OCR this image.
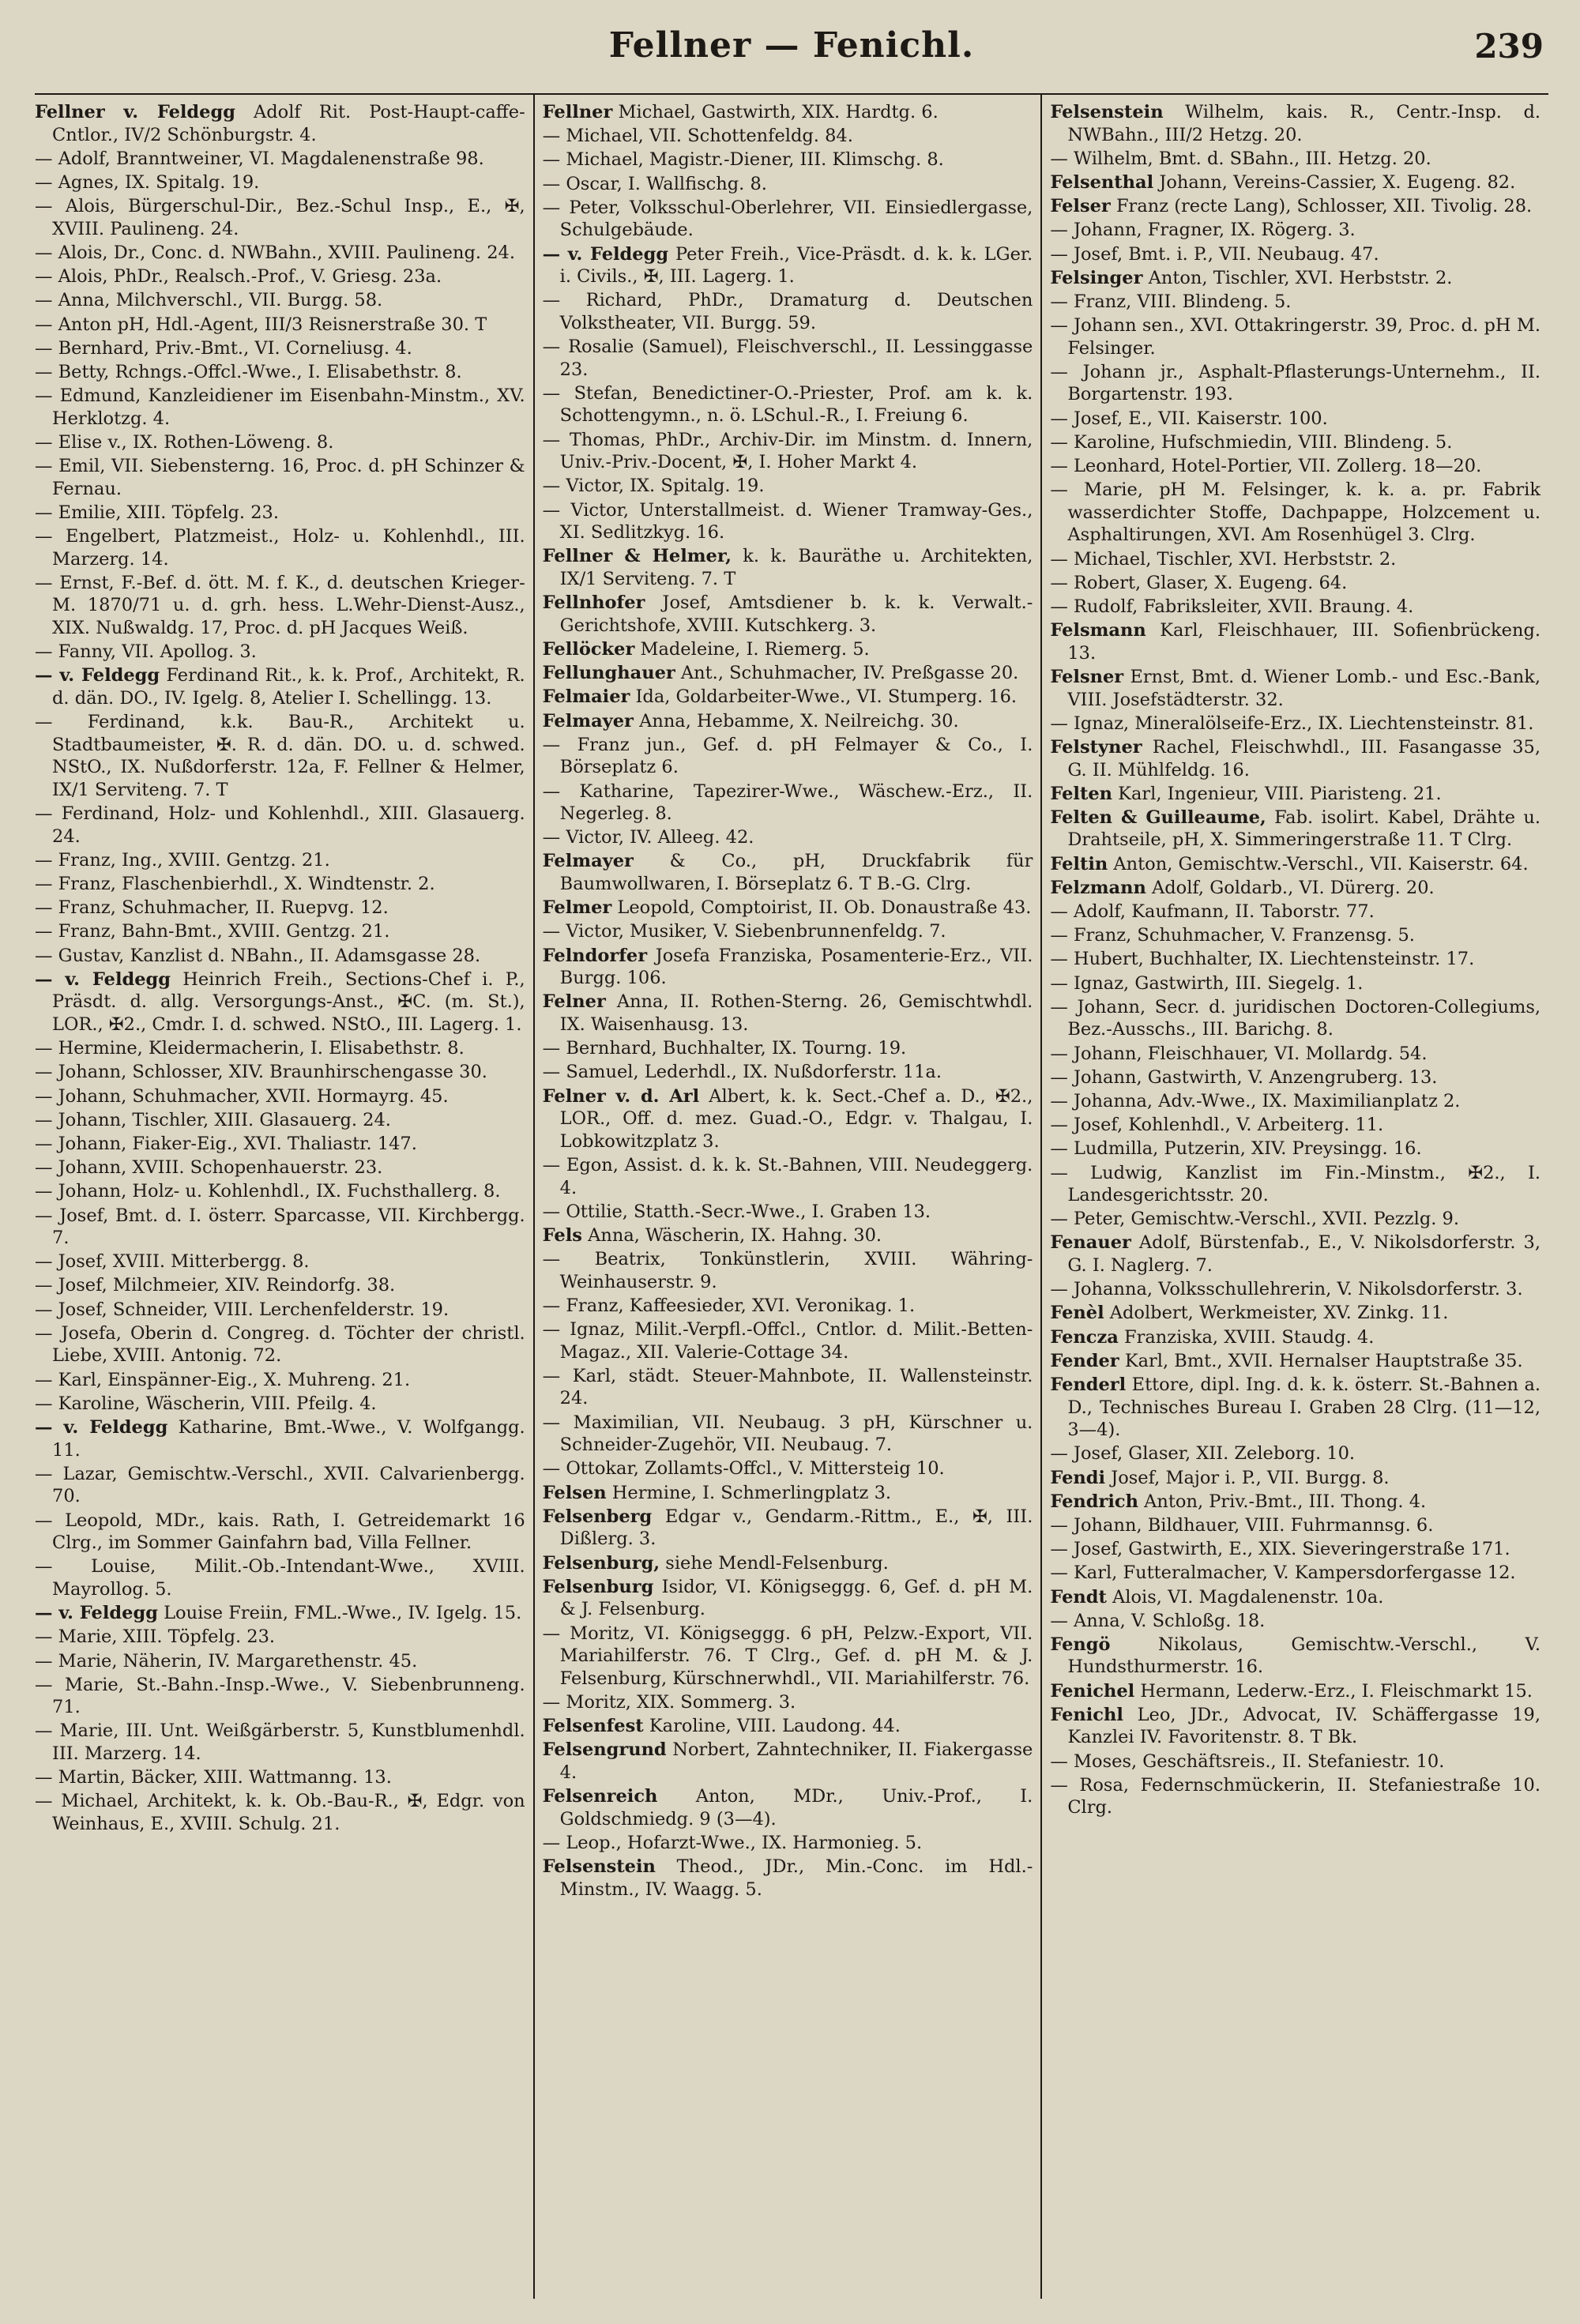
Fellner — Fenichl.	239
Fellner v. Feldegg Adolf Rit. Post-Haupt-caffe-Cntlor., IV/2 Schönburgstr. 4.
— Adolf, Branntweiner, VI. Magdalenenstraße 98.
— Agnes, IX. Spitalg. 19.
— Alois, Bürgerschul-Dir., Bez.-Schul Insp., E., ✠, XVIII. Paulineng. 24.
— Alois, Dr., Conc. d. NWBahn., XVIII. Paulineng. 24.
— Alois, PhDr., Realsch.-Prof., V. Griesg. 23a.
— Anna, Milchverschl., VII. Burgg. 58.
— Anton pH, Hdl.-Agent, III/3 Reisnerstraße 30. T
— Bernhard, Priv.-Bmt., VI. Corneliusg. 4.
— Betty, Rchngs.-Offcl.-Wwe., I. Elisabethstr. 8.
— Edmund, Kanzleidiener im Eisenbahn-Minstm., XV. Herklotzg. 4.
— Elise v., IX. Rothen-Löweng. 8.
— Emil, VII. Siebensterng. 16, Proc. d. pH Schinzer & Fernau.
— Emilie, XIII. Töpfelg. 23.
— Engelbert, Platzmeist., Holz- u. Kohlenhdl., III. Marzerg. 14.
— Ernst, F.-Bef. d. ött. M. f. K., d. deutschen Krieger-M. 1870/71 u. d. grh. hess. L.Wehr-Dienst-Ausz., XIX. Nußwaldg. 17, Proc. d. pH Jacques Weiß.
— Fanny, VII. Apollog. 3.
— v. Feldegg Ferdinand Rit., k. k. Prof., Architekt, R. d. dän. DO., IV. Igelg. 8, Atelier I. Schellingg. 13.
— Ferdinand, k.k. Bau-R., Architekt u. Stadtbaumeister, ✠. R. d. dän. DO. u. d. schwed. NStO., IX. Nußdorferstr. 12a, F. Fellner & Helmer, IX/1 Serviteng. 7. T
— Ferdinand, Holz- und Kohlenhdl., XIII. Glasauerg. 24.
— Franz, Ing., XVIII. Gentzg. 21.
— Franz, Flaschenbierhdl., X. Windtenstr. 2.
— Franz, Schuhmacher, II. Ruepvg. 12.
— Franz, Bahn-Bmt., XVIII. Gentzg. 21.
— Gustav, Kanzlist d. NBahn., II. Adamsgasse 28.
— v. Feldegg Heinrich Freih., Sections-Chef i. P., Präsdt. d. allg. Versorgungs-Anst., ✠C. (m. St.), LOR., ✠2., Cmdr. I. d. schwed. NStO., III. Lagerg. 1.
— Hermine, Kleidermacherin, I. Elisabethstr. 8.
— Johann, Schlosser, XIV. Braunhirschengasse 30.
— Johann, Schuhmacher, XVII. Hormayrg. 45.
— Johann, Tischler, XIII. Glasauerg. 24.
— Johann, Fiaker-Eig., XVI. Thaliastr. 147.
— Johann, XVIII. Schopenhauerstr. 23.
— Johann, Holz- u. Kohlenhdl., IX. Fuchsthallerg. 8.
— Josef, Bmt. d. I. österr. Sparcasse, VII. Kirchbergg. 7.
— Josef, XVIII. Mitterbergg. 8.
— Josef, Milchmeier, XIV. Reindorfg. 38.
— Josef, Schneider, VIII. Lerchenfelderstr. 19.
— Josefa, Oberin d. Congreg. d. Töchter der christl. Liebe, XVIII. Antonig. 72.
— Karl, Einspänner-Eig., X. Muhreng. 21.
— Karoline, Wäscherin, VIII. Pfeilg. 4.
— v. Feldegg Katharine, Bmt.-Wwe., V. Wolfgangg. 11.
— Lazar, Gemischtw.-Verschl., XVII. Calvarienbergg. 70.
— Leopold, MDr., kais. Rath, I. Getreidemarkt 16 Clrg., im Sommer Gainfahrn bad, Villa Fellner.
— Louise, Milit.-Ob.-Intendant-Wwe., XVIII. Mayrollog. 5.
— v. Feldegg Louise Freiin, FML.-Wwe., IV. Igelg. 15.
— Marie, XIII. Töpfelg. 23.
— Marie, Näherin, IV. Margarethenstr. 45.
— Marie, St.-Bahn.-Insp.-Wwe., V. Siebenbrunneng. 71.
— Marie, III. Unt. Weißgärberstr. 5, Kunstblumenhdl. III. Marzerg. 14.
— Martin, Bäcker, XIII. Wattmanng. 13.
— Michael, Architekt, k. k. Ob.-Bau-R., ✠, Edgr. von Weinhaus, E., XVIII. Schulg. 21.
Fellner Michael, Gastwirth, XIX. Hardtg. 6.
— Michael, VII. Schottenfeldg. 84.
— Michael, Magistr.-Diener, III. Klimschg. 8.
— Oscar, I. Wallfischg. 8.
— Peter, Volksschul-Oberlehrer, VII. Einsiedlergasse, Schulgebäude.
— v. Feldegg Peter Freih., Vice-Präsdt. d. k. k. LGer. i. Civils., ✠, III. Lagerg. 1.
— Richard, PhDr., Dramaturg d. Deutschen Volkstheater, VII. Burgg. 59.
— Rosalie (Samuel), Fleischverschl., II. Lessinggasse 23.
— Stefan, Benedictiner-O.-Priester, Prof. am k. k. Schottengymn., n. ö. LSchul.-R., I. Freiung 6.
— Thomas, PhDr., Archiv-Dir. im Minstm. d. Innern, Univ.-Priv.-Docent, ✠, I. Hoher Markt 4.
— Victor, IX. Spitalg. 19.
— Victor, Unterstallmeist. d. Wiener Tramway-Ges., XI. Sedlitzkyg. 16.
Fellner & Helmer, k. k. Bauräthe u. Architekten, IX/1 Serviteng. 7. T
Fellnhofer Josef, Amtsdiener b. k. k. Verwalt.-Gerichtshofe, XVIII. Kutschkerg. 3.
Fellöcker Madeleine, I. Riemerg. 5.
Fellunghauer Ant., Schuhmacher, IV. Preßgasse 20.
Felmaier Ida, Goldarbeiter-Wwe., VI. Stumperg. 16.
Felmayer Anna, Hebamme, X. Neilreichg. 30.
— Franz jun., Gef. d. pH Felmayer & Co., I. Börseplatz 6.
— Katharine, Tapezirer-Wwe., Wäschew.-Erz., II. Negerleg. 8.
— Victor, IV. Alleeg. 42.
Felmayer & Co., pH, Druckfabrik für Baumwollwaren, I. Börseplatz 6. T B.-G. Clrg.
Felmer Leopold, Comptoirist, II. Ob. Donaustraße 43.
— Victor, Musiker, V. Siebenbrunnenfeldg. 7.
Felndorfer Josefa Franziska, Posamenterie-Erz., VII. Burgg. 106.
Felner Anna, II. Rothen-Sterng. 26, Gemischtwhdl. IX. Waisenhausg. 13.
— Bernhard, Buchhalter, IX. Tourng. 19.
— Samuel, Lederhdl., IX. Nußdorferstr. 11a.
Felner v. d. Arl Albert, k. k. Sect.-Chef a. D., ✠2., LOR., Off. d. mez. Guad.-O., Edgr. v. Thalgau, I. Lobkowitzplatz 3.
— Egon, Assist. d. k. k. St.-Bahnen, VIII. Neudeggerg. 4.
— Ottilie, Statth.-Secr.-Wwe., I. Graben 13.
Fels Anna, Wäscherin, IX. Hahng. 30.
— Beatrix, Tonkünstlerin, XVIII. Währing-Weinhauserstr. 9.
— Franz, Kaffeesieder, XVI. Veronikag. 1.
— Ignaz, Milit.-Verpfl.-Offcl., Cntlor. d. Milit.-Betten-Magaz., XII. Valerie-Cottage 34.
— Karl, städt. Steuer-Mahnbote, II. Wallensteinstr. 24.
— Maximilian, VII. Neubaug. 3 pH, Kürschner u. Schneider-Zugehör, VII. Neubaug. 7.
— Ottokar, Zollamts-Offcl., V. Mittersteig 10.
Felsen Hermine, I. Schmerlingplatz 3.
Felsenberg Edgar v., Gendarm.-Rittm., E., ✠, III. Dißlerg. 3.
Felsenburg, siehe Mendl-Felsenburg.
Felsenburg Isidor, VI. Königseggg. 6, Gef. d. pH M. & J. Felsenburg.
— Moritz, VI. Königseggg. 6 pH, Pelzw.-Export, VII. Mariahilferstr. 76. T Clrg., Gef. d. pH M. & J. Felsenburg, Kürschnerwhdl., VII. Mariahilferstr. 76.
— Moritz, XIX. Sommerg. 3.
Felsenfest Karoline, VIII. Laudong. 44.
Felsengrund Norbert, Zahntechniker, II. Fiakergasse 4.
Felsenreich Anton, MDr., Univ.-Prof., I. Goldschmiedg. 9 (3—4).
— Leop., Hofarzt-Wwe., IX. Harmonieg. 5.
Felsenstein Theod., JDr., Min.-Conc. im Hdl.-Minstm., IV. Waagg. 5.
Felsenstein Wilhelm, kais. R., Centr.-Insp. d. NWBahn., III/2 Hetzg. 20.
— Wilhelm, Bmt. d. SBahn., III. Hetzg. 20.
Felsenthal Johann, Vereins-Cassier, X. Eugeng. 82.
Felser Franz (recte Lang), Schlosser, XII. Tivolig. 28.
— Johann, Fragner, IX. Rögerg. 3.
— Josef, Bmt. i. P., VII. Neubaug. 47.
Felsinger Anton, Tischler, XVI. Herbststr. 2.
— Franz, VIII. Blindeng. 5.
— Johann sen., XVI. Ottakringerstr. 39, Proc. d. pH M. Felsinger.
— Johann jr., Asphalt-Pflasterungs-Unternehm., II. Borgartenstr. 193.
— Josef, E., VII. Kaiserstr. 100.
— Karoline, Hufschmiedin, VIII. Blindeng. 5.
— Leonhard, Hotel-Portier, VII. Zollerg. 18—20.
— Marie, pH M. Felsinger, k. k. a. pr. Fabrik wasserdichter Stoffe, Dachpappe, Holzcement u. Asphaltirungen, XVI. Am Rosenhügel 3. Clrg.
— Michael, Tischler, XVI. Herbststr. 2.
— Robert, Glaser, X. Eugeng. 64.
— Rudolf, Fabriksleiter, XVII. Braung. 4.
Felsmann Karl, Fleischhauer, III. Sofienbrückeng. 13.
Felsner Ernst, Bmt. d. Wiener Lomb.- und Esc.-Bank, VIII. Josefstädterstr. 32.
— Ignaz, Mineralölseife-Erz., IX. Liechtensteinstr. 81.
Felstyner Rachel, Fleischwhdl., III. Fasangasse 35, G. II. Mühlfeldg. 16.
Felten Karl, Ingenieur, VIII. Piaristeng. 21.
Felten & Guilleaume, Fab. isolirt. Kabel, Drähte u. Drahtseile, pH, X. Simmeringerstraße 11. T Clrg.
Feltin Anton, Gemischtw.-Verschl., VII. Kaiserstr. 64.
Felzmann Adolf, Goldarb., VI. Dürerg. 20.
— Adolf, Kaufmann, II. Taborstr. 77.
— Franz, Schuhmacher, V. Franzensg. 5.
— Hubert, Buchhalter, IX. Liechtensteinstr. 17.
— Ignaz, Gastwirth, III. Siegelg. 1.
— Johann, Secr. d. juridischen Doctoren-Collegiums, Bez.-Ausschs., III. Barichg. 8.
— Johann, Fleischhauer, VI. Mollardg. 54.
— Johann, Gastwirth, V. Anzengruberg. 13.
— Johanna, Adv.-Wwe., IX. Maximilianplatz 2.
— Josef, Kohlenhdl., V. Arbeiterg. 11.
— Ludmilla, Putzerin, XIV. Preysingg. 16.
— Ludwig, Kanzlist im Fin.-Minstm., ✠2., I. Landesgerichtsstr. 20.
— Peter, Gemischtw.-Verschl., XVII. Pezzlg. 9.
Fenauer Adolf, Bürstenfab., E., V. Nikolsdorferstr. 3, G. I. Naglerg. 7.
— Johanna, Volksschullehrerin, V. Nikolsdorferstr. 3.
Fenèl Adolbert, Werkmeister, XV. Zinkg. 11.
Fencza Franziska, XVIII. Staudg. 4.
Fender Karl, Bmt., XVII. Hernalser Hauptstraße 35.
Fenderl Ettore, dipl. Ing. d. k. k. österr. St.-Bahnen a. D., Technisches Bureau I. Graben 28 Clrg. (11—12, 3—4).
— Josef, Glaser, XII. Zeleborg. 10.
Fendi Josef, Major i. P., VII. Burgg. 8.
Fendrich Anton, Priv.-Bmt., III. Thong. 4.
— Johann, Bildhauer, VIII. Fuhrmannsg. 6.
— Josef, Gastwirth, E., XIX. Sieveringerstraße 171.
— Karl, Futteralmacher, V. Kampersdorfergasse 12.
Fendt Alois, VI. Magdalenenstr. 10a.
— Anna, V. Schloßg. 18.
Fengö Nikolaus, Gemischtw.-Verschl., V. Hundsthurmerstr. 16.
Fenichel Hermann, Lederw.-Erz., I. Fleischmarkt 15.
Fenichl Leo, JDr., Advocat, IV. Schäffergasse 19, Kanzlei IV. Favoritenstr. 8. T Bk.
— Moses, Geschäftsreis., II. Stefaniestr. 10.
— Rosa, Federnschmückerin, II. Stefaniestraße 10. Clrg.
